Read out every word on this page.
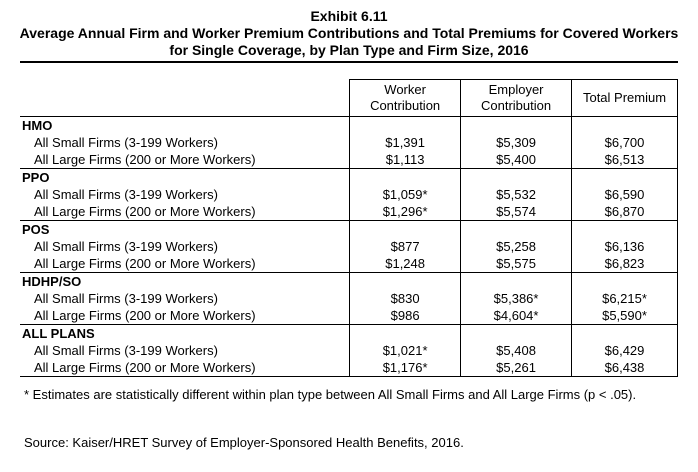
Exhibit 6.11
Average Annual Firm and Worker Premium Contributions and Total Premiums for Covered Workers
for Single Coverage, by Plan Type and Firm Size, 2016
	Worker Contribution	Employer Contribution	Total Premium
HMO			
All Small Firms (3-199 Workers)	$1,391	$5,309	$6,700
All Large Firms (200 or More Workers)	$1,113	$5,400	$6,513
PPO			
All Small Firms (3-199 Workers)	$1,059*	$5,532	$6,590
All Large Firms (200 or More Workers)	$1,296*	$5,574	$6,870
POS			
All Small Firms (3-199 Workers)	$877	$5,258	$6,136
All Large Firms (200 or More Workers)	$1,248	$5,575	$6,823
HDHP/SO			
All Small Firms (3-199 Workers)	$830	$5,386*	$6,215*
All Large Firms (200 or More Workers)	$986	$4,604*	$5,590*
ALL PLANS			
All Small Firms (3-199 Workers)	$1,021*	$5,408	$6,429
All Large Firms (200 or More Workers)	$1,176*	$5,261	$6,438
* Estimates are statistically different within plan type between All Small Firms and All Large Firms (p < .05).
Source: Kaiser/HRET Survey of Employer-Sponsored Health Benefits, 2016.
